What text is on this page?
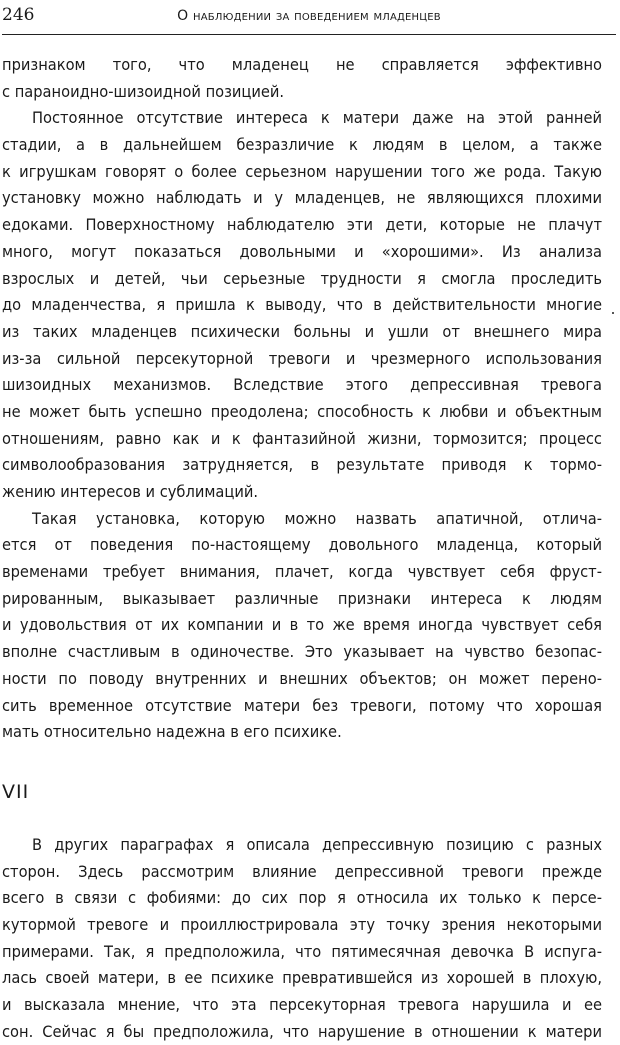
246	О наблюдении за поведением младенцев
признаком того, что младенец не справляется эффективно
с параноидно-шизоидной позицией.
Постоянное отсутствие интереса к матери даже на этой ранней
стадии, а в дальнейшем безразличие к людям в целом, а также
к игрушкам говорят о более серьезном нарушении того же рода. Такую
установку можно наблюдать и у младенцев, не являющихся плохими
едоками. Поверхностному наблюдателю эти дети, которые не плачут
много, могут показаться довольными и «хорошими». Из анализа
взрослых и детей, чьи серьезные трудности я смогла проследить
до младенчества, я пришла к выводу, что в действительности многие
из таких младенцев психически больны и ушли от внешнего мира
из-за сильной персекуторной тревоги и чрезмерного использования
шизоидных механизмов. Вследствие этого депрессивная тревога
не может быть успешно преодолена; способность к любви и объектным
отношениям, равно как и к фантазийной жизни, тормозится; процесс
символообразования затрудняется, в результате приводя к тормо-
жению интересов и сублимаций.
Такая установка, которую можно назвать апатичной, отлича-
ется от поведения по-настоящему довольного младенца, который
временами требует внимания, плачет, когда чувствует себя фруст-
рированным, выказывает различные признаки интереса к людям
и удовольствия от их компании и в то же время иногда чувствует себя
вполне счастливым в одиночестве. Это указывает на чувство безопас-
ности по поводу внутренних и внешних объектов; он может перено-
сить временное отсутствие матери без тревоги, потому что хорошая
мать относительно надежна в его психике.
VII
В других параграфах я описала депрессивную позицию с разных
сторон. Здесь рассмотрим влияние депрессивной тревоги прежде
всего в связи с фобиями: до сих пор я относила их только к персе-
кутормой тревоге и проиллюстрировала эту точку зрения некоторыми
примерами. Так, я предположила, что пятимесячная девочка B испуга-
лась своей матери, в ее психике превратившейся из хорошей в плохую,
и высказала мнение, что эта персекуторная тревога нарушила и ее
сон. Сейчас я бы предположила, что нарушение в отношении к матери
